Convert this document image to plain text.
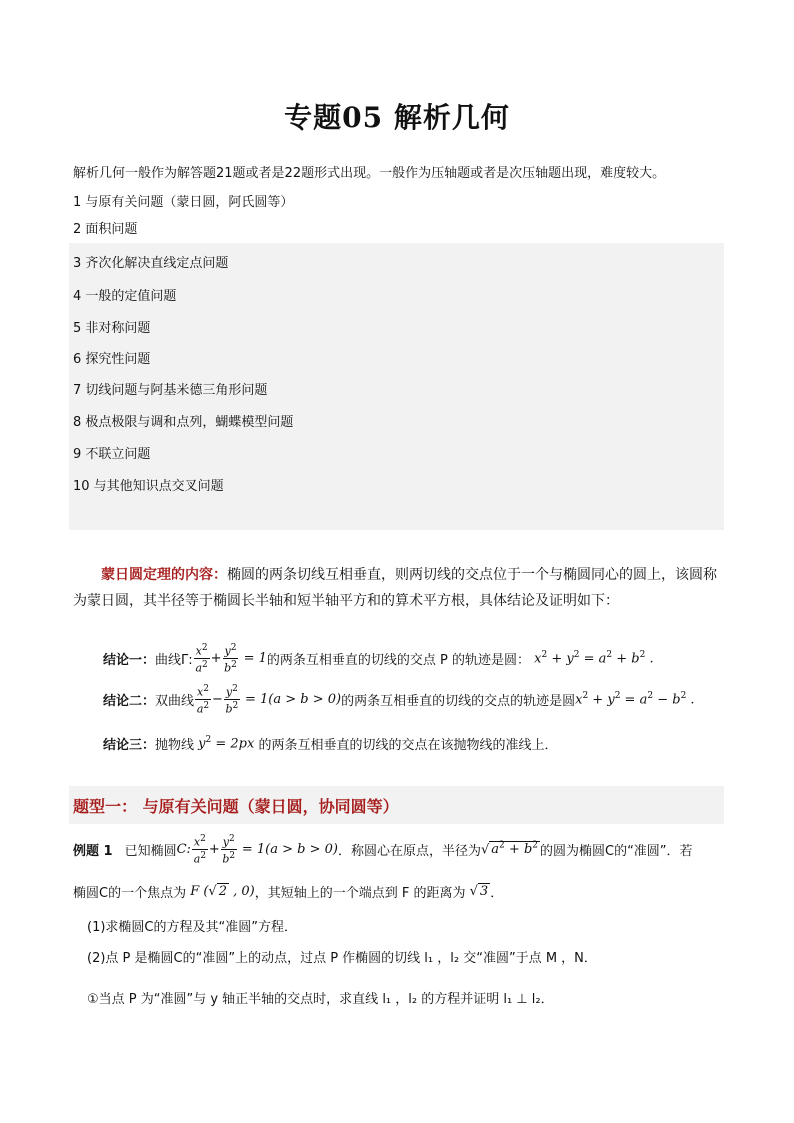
专题05 解析几何
解析几何一般作为解答题21题或者是22题形式出现。一般作为压轴题或者是次压轴题出现，难度较大。
1 与原有关问题（蒙日圆，阿氏圆等）
2 面积问题
3 齐次化解决直线定点问题
4 一般的定值问题
5 非对称问题
6 探究性问题
7 切线问题与阿基米德三角形问题
8 极点极限与调和点列，蝴蝶模型问题
9 不联立问题
10 与其他知识点交叉问题
蒙日圆定理的内容：椭圆的两条切线互相垂直，则两切线的交点位于一个与椭圆同心的圆上，该圆称为蒙日圆，其半径等于椭圆长半轴和短半轴平方和的算术平方根，具体结论及证明如下：
结论一： 曲线Γ: $\frac{x^2}{a^2} + \frac{y^2}{b^2} = 1$ 的两条互相垂直的切线的交点 P 的轨迹是圆： $x^2 + y^2 = a^2 + b^2$ .
结论二： 双曲线 $\frac{x^2}{a^2} - \frac{y^2}{b^2} = 1(a > b > 0)$ 的两条互相垂直的切线的交点的轨迹是圆 $x^2 + y^2 = a^2 - b^2$ .
结论三： 抛物线 $y^2 = 2px$ 的两条互相垂直的切线的交点在该抛物线的准线上．
题型一： 与原有关问题（蒙日圆，协同圆等）
例题 1 已知椭圆 C: $\frac{x^2}{a^2} + \frac{y^2}{b^2} = 1(a > b > 0)$ ．称圆心在原点，半径为 √ $a^2 + b^2$ 的圆为椭圆C的“准圆”．若
椭圆C的一个焦点为 F (√ 2 , 0) ，其短轴上的一个端点到 F 的距离为 √ 3 ．
(1)求椭圆C的方程及其“准圆”方程．
(2)点 P 是椭圆C的“准圆”上的动点，过点 P 作椭圆的切线 l₁ ，l₂ 交“准圆”于点 M ，N．
①当点 P 为“准圆”与 y 轴正半轴的交点时，求直线 l₁ ，l₂ 的方程并证明 l₁ ⊥ l₂．
